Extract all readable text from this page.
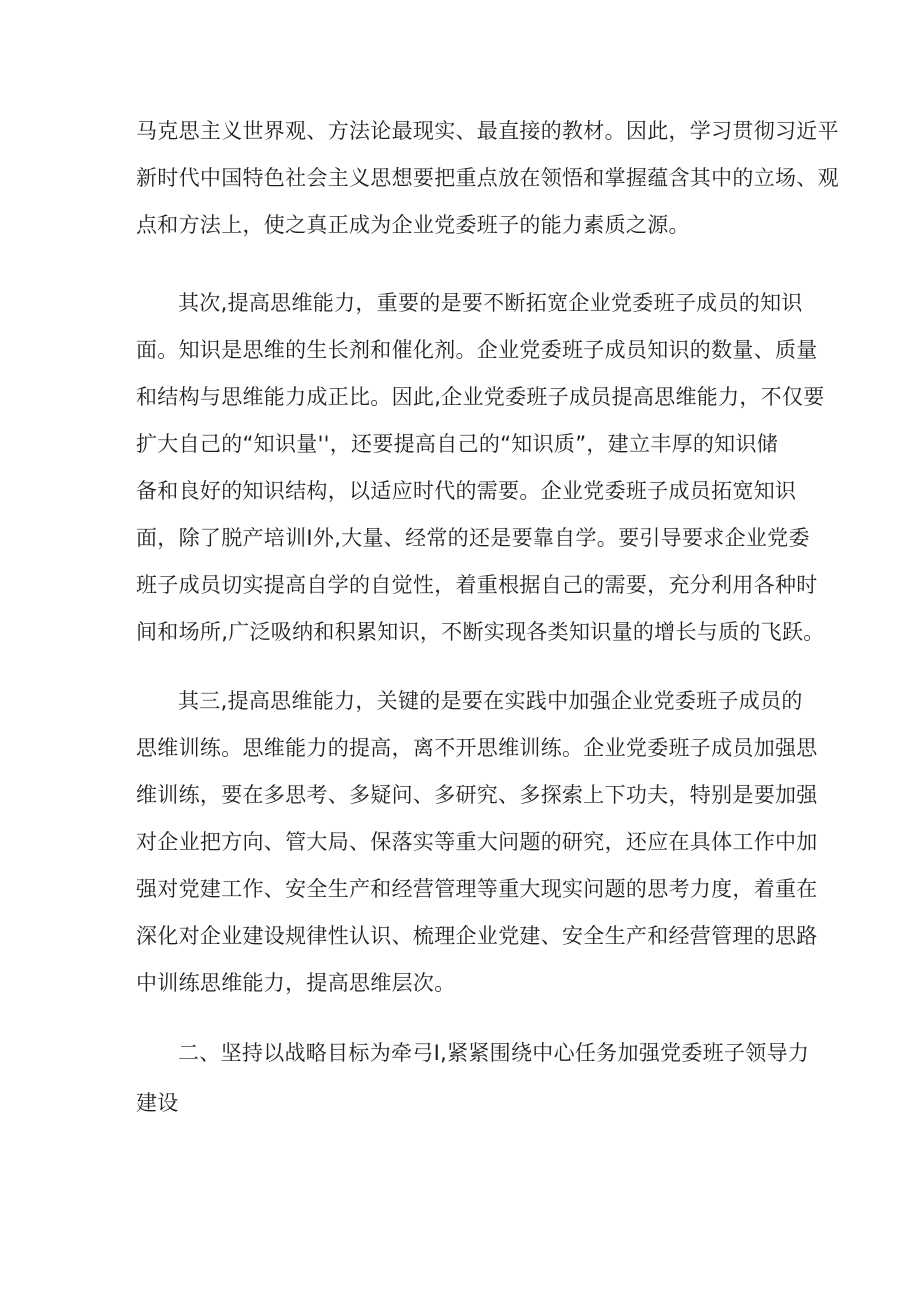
马克思主义世界观、方法论最现实、最直接的教材。因此，学习贯彻习近平
新时代中国特色社会主义思想要把重点放在领悟和掌握蕴含其中的立场、观
点和方法上，使之真正成为企业党委班子的能力素质之源。
其次,提高思维能力，重要的是要不断拓宽企业党委班子成员的知识
面。知识是思维的生长剂和催化剂。企业党委班子成员知识的数量、质量
和结构与思维能力成正比。因此,企业党委班子成员提高思维能力，不仅要
扩大自己的“知识量''，还要提高自己的“知识质”，建立丰厚的知识储
备和良好的知识结构，以适应时代的需要。企业党委班子成员拓宽知识
面，除了脱产培训I外,大量、经常的还是要靠自学。要引导要求企业党委
班子成员切实提高自学的自觉性，着重根据自己的需要，充分利用各种时
间和场所,广泛吸纳和积累知识，不断实现各类知识量的增长与质的飞跃。
其三,提高思维能力，关键的是要在实践中加强企业党委班子成员的
思维训练。思维能力的提高，离不开思维训练。企业党委班子成员加强思
维训练，要在多思考、多疑问、多研究、多探索上下功夫，特别是要加强
对企业把方向、管大局、保落实等重大问题的研究，还应在具体工作中加
强对党建工作、安全生产和经营管理等重大现实问题的思考力度，着重在
深化对企业建设规律性认识、梳理企业党建、安全生产和经营管理的思路
中训练思维能力，提高思维层次。
二、坚持以战略目标为牵弓I,紧紧围绕中心任务加强党委班子领导力
建设
